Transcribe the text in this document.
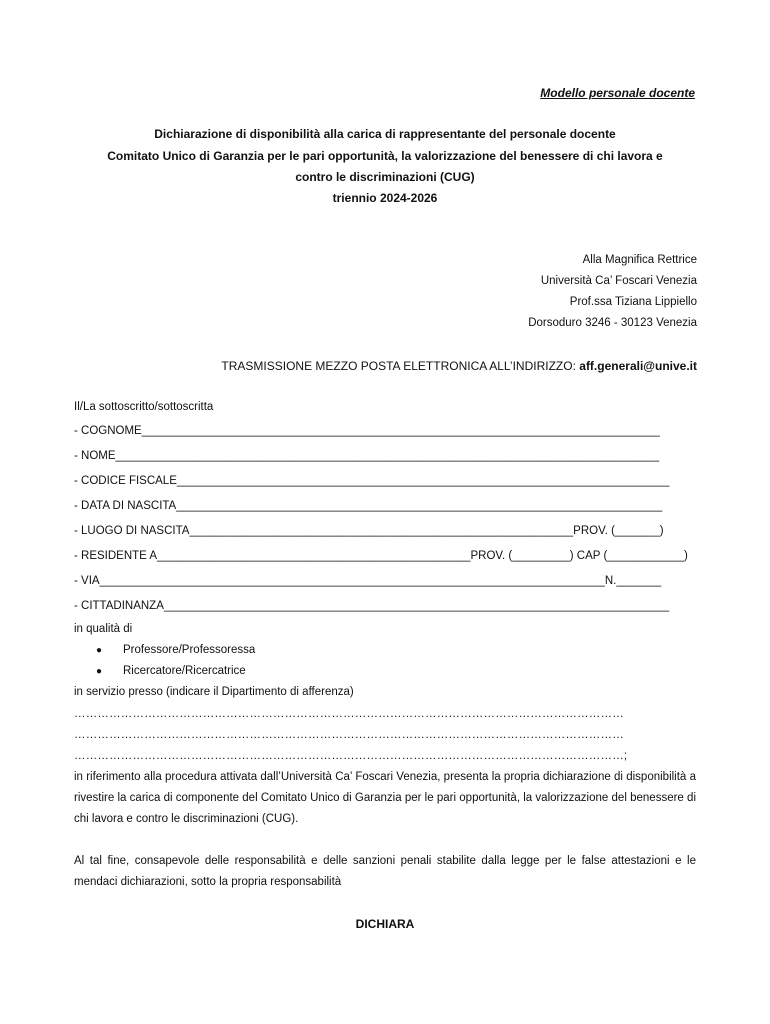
Modello personale docente
Dichiarazione di disponibilità alla carica di rappresentante del personale docente
Comitato Unico di Garanzia per le pari opportunità, la valorizzazione del benessere di chi lavora e
contro le discriminazioni (CUG)
triennio 2024-2026
Alla Magnifica Rettrice
Università Ca’ Foscari Venezia
Prof.ssa Tiziana Lippiello
Dorsoduro 3246 - 30123 Venezia
TRASMISSIONE MEZZO POSTA ELETTRONICA ALL’INDIRIZZO: aff.generali@unive.it
Il/La sottoscritto/sottoscritta
- COGNOME_________________________________________________________________________________
- NOME_____________________________________________________________________________________
- CODICE FISCALE_____________________________________________________________________________
- DATA DI NASCITA____________________________________________________________________________
- LUOGO DI NASCITA____________________________________________________________PROV. (_______)
- RESIDENTE A_________________________________________________PROV. (_________) CAP (____________)
- VIA_______________________________________________________________________________N._______
- CITTADINANZA_______________________________________________________________________________
in qualità di
● Professore/Professoressa
● Ricercatore/Ricercatrice
in servizio presso (indicare il Dipartimento di afferenza)
……………………………………………………………………………………………………………………………
……………………………………………………………………………………………………………………………
……………………………………………………………………………………………………………………………;
in riferimento alla procedura attivata dall’Università Ca’ Foscari Venezia, presenta la propria dichiarazione di disponibilità a rivestire la carica di componente del Comitato Unico di Garanzia per le pari opportunità, la valorizzazione del benessere di chi lavora e contro le discriminazioni (CUG).
Al tal fine, consapevole delle responsabilità e delle sanzioni penali stabilite dalla legge per le false attestazioni e le mendaci dichiarazioni, sotto la propria responsabilità
DICHIARA
